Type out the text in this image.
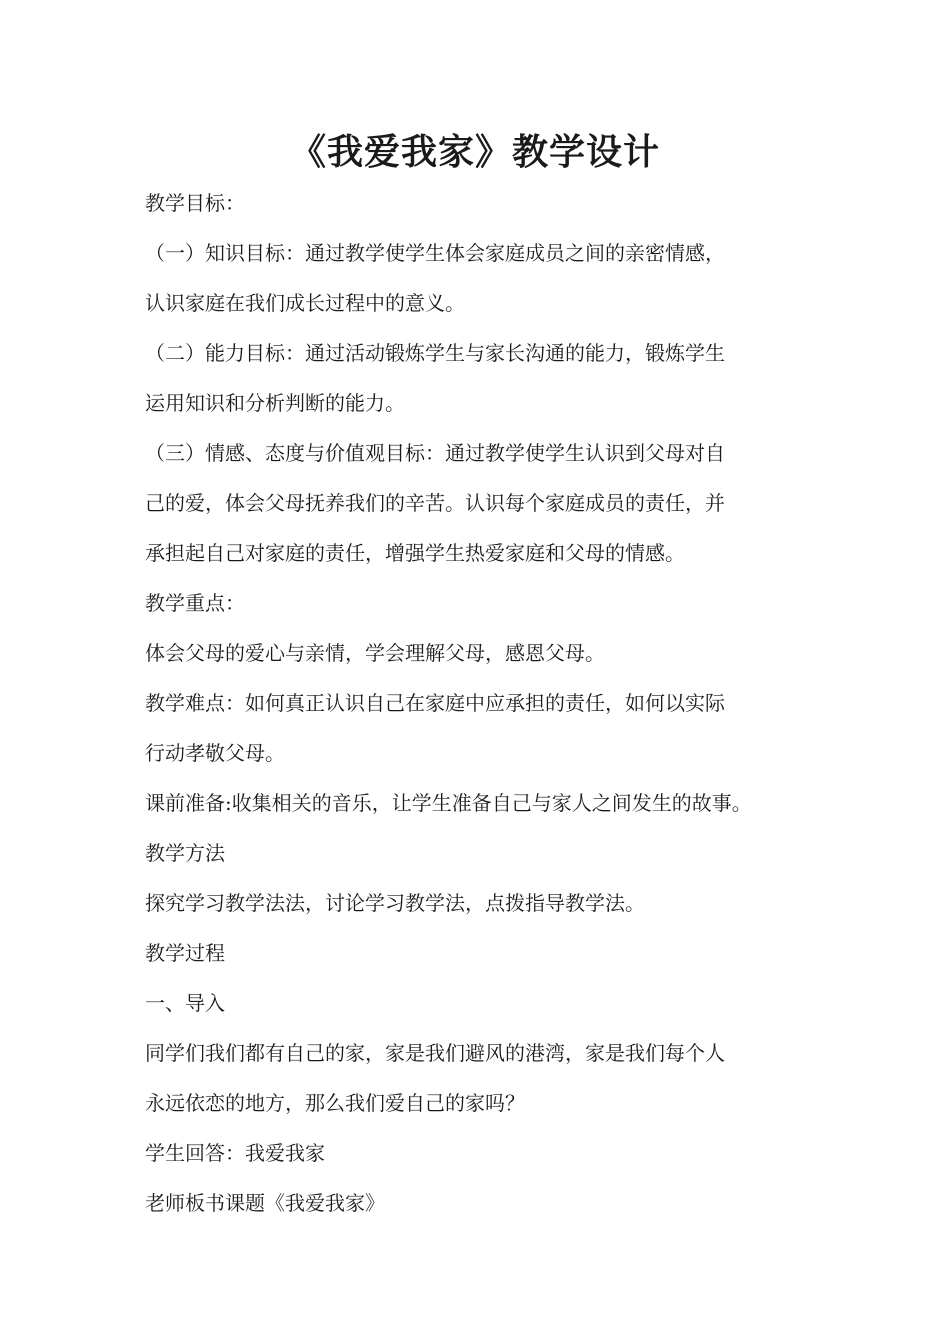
《我爱我家》教学设计

教学目标：

（一）知识目标：通过教学使学生体会家庭成员之间的亲密情感，

认识家庭在我们成长过程中的意义。

（二）能力目标：通过活动锻炼学生与家长沟通的能力，锻炼学生

运用知识和分析判断的能力。

（三）情感、态度与价值观目标：通过教学使学生认识到父母对自

己的爱，体会父母抚养我们的辛苦。认识每个家庭成员的责任，并

承担起自己对家庭的责任，增强学生热爱家庭和父母的情感。

教学重点：

体会父母的爱心与亲情，学会理解父母，感恩父母。

教学难点：如何真正认识自己在家庭中应承担的责任，如何以实际

行动孝敬父母。

课前准备:收集相关的音乐，让学生准备自己与家人之间发生的故事。

教学方法

探究学习教学法法，讨论学习教学法，点拨指导教学法。

教学过程

一、导入

同学们我们都有自己的家，家是我们避风的港湾，家是我们每个人

永远依恋的地方，那么我们爱自己的家吗？

学生回答：我爱我家

老师板书课题《我爱我家》
